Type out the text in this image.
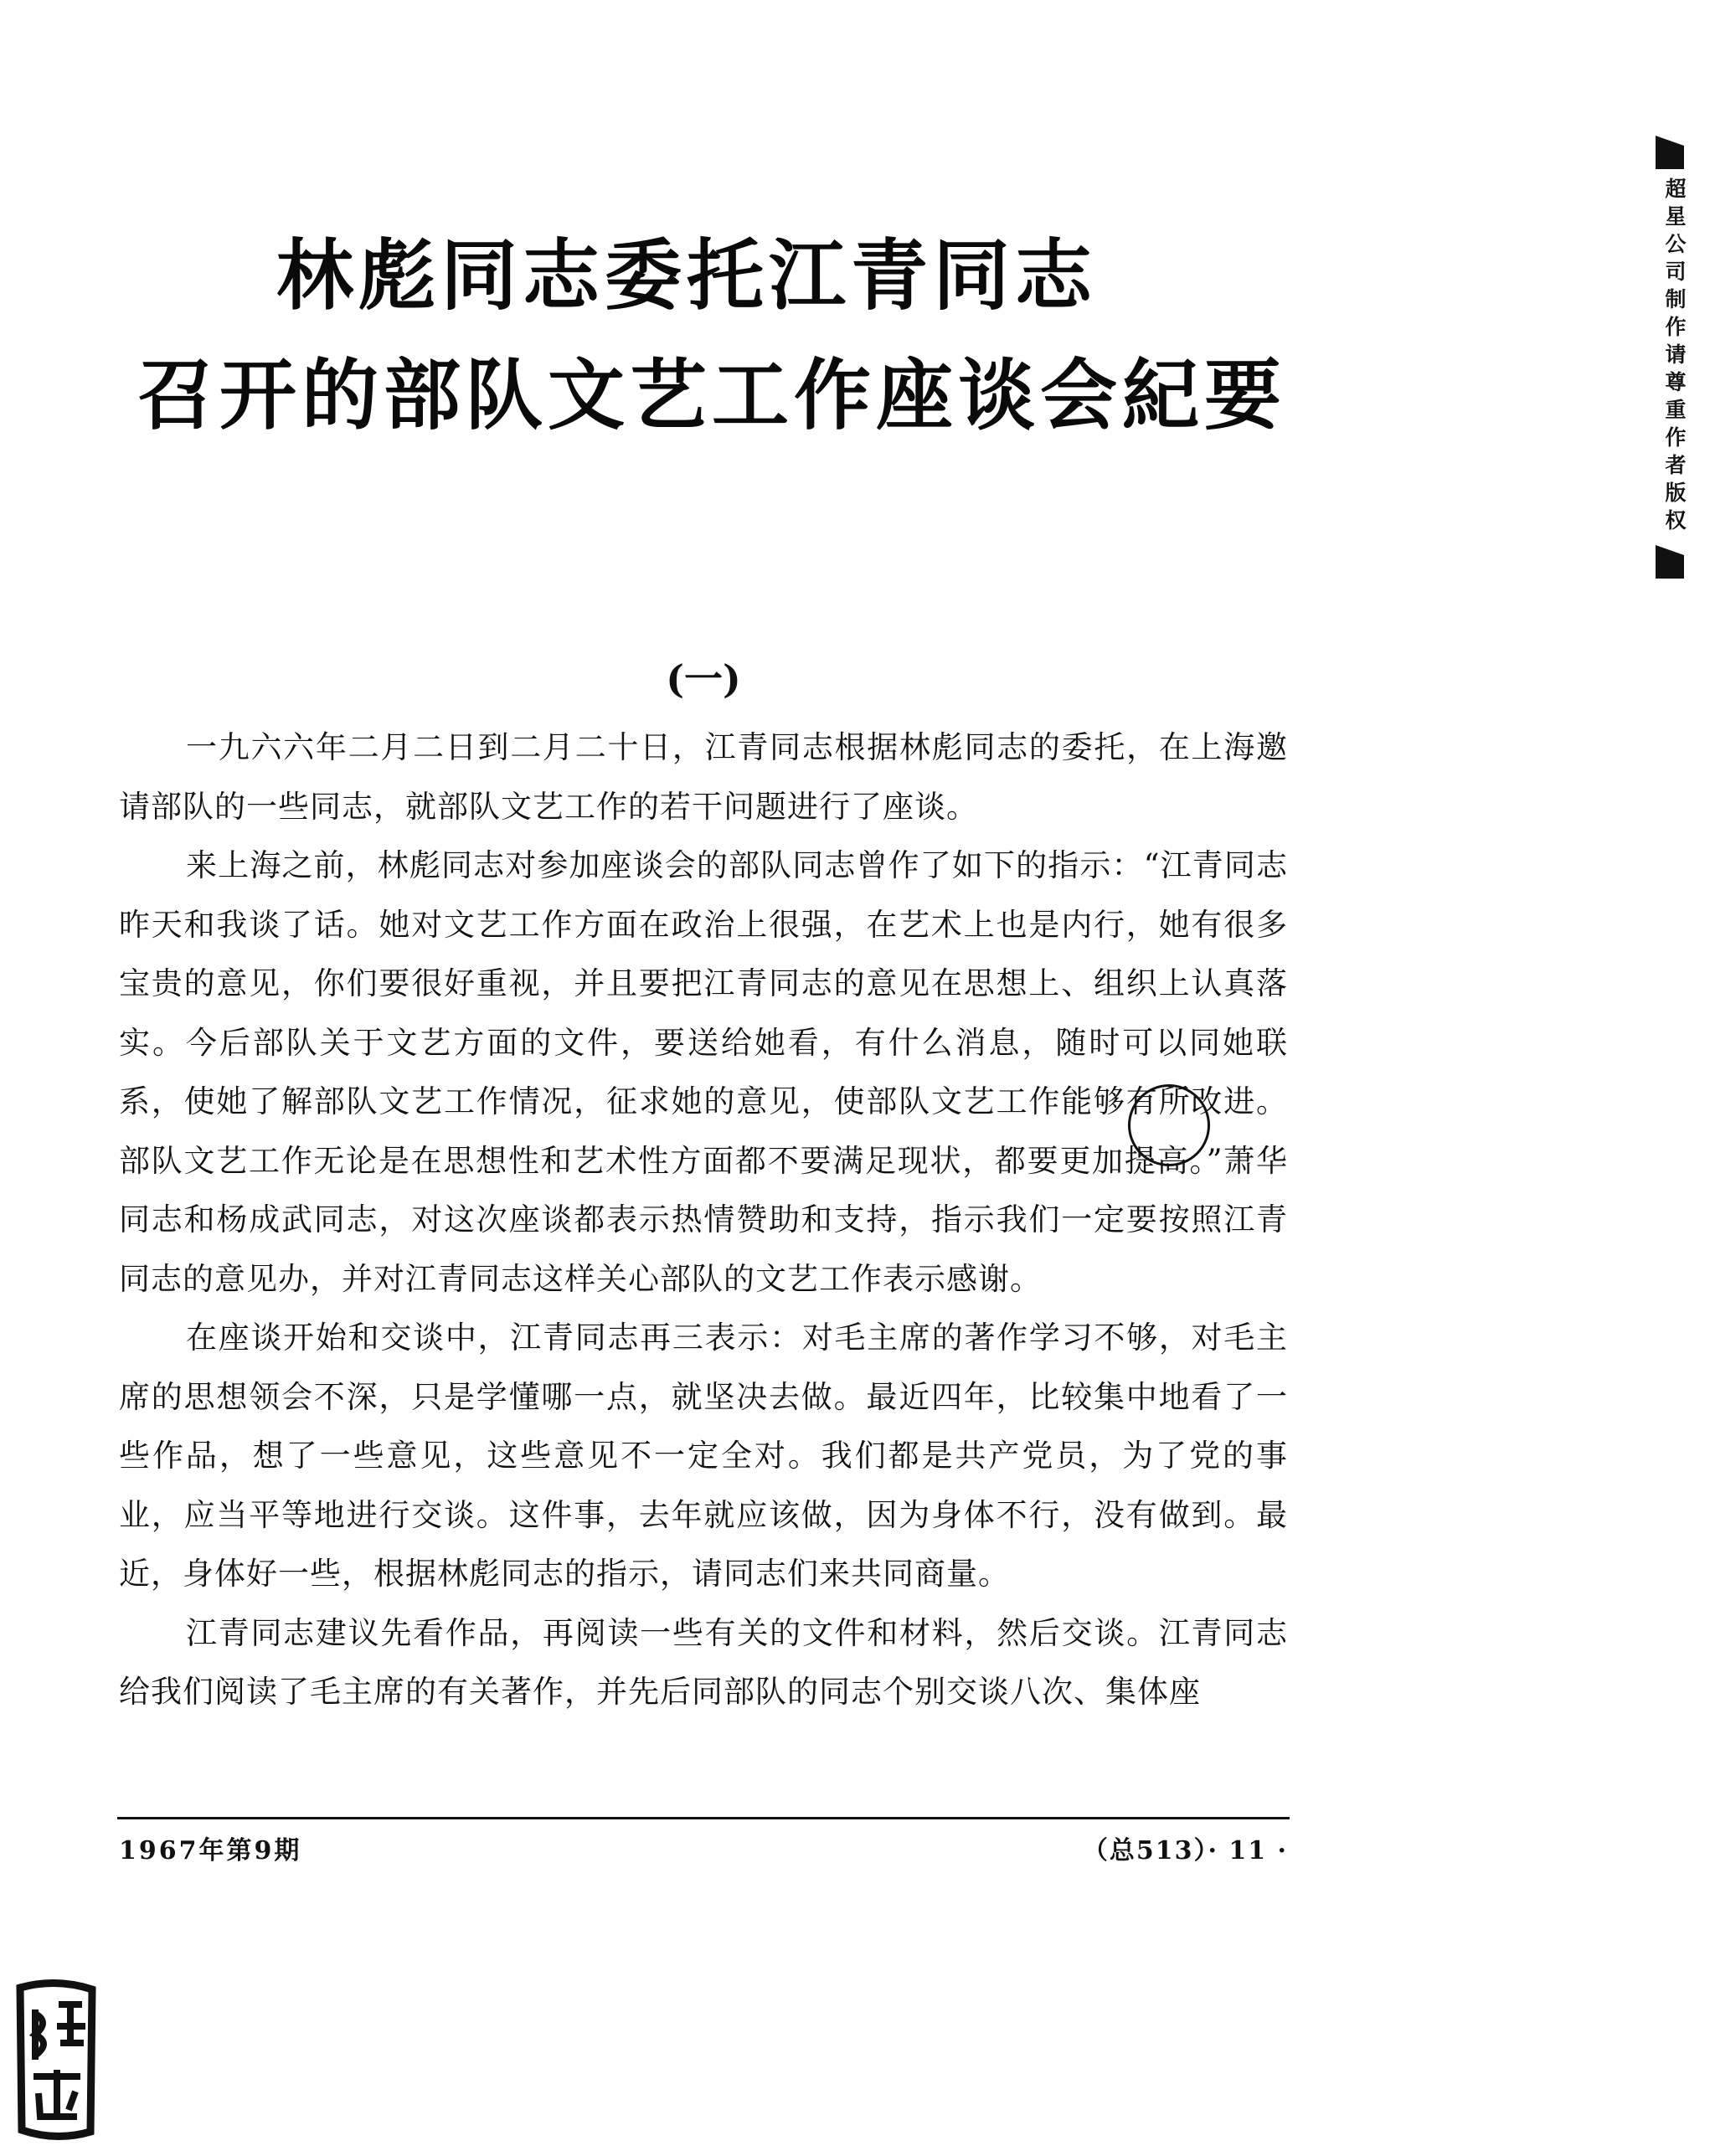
林彪同志委托江青同志
召开的部队文艺工作座谈会紀要
(一)

一九六六年二月二日到二月二十日，江青同志根据林彪同志的委托，在上海邀请部队的一些同志，就部队文艺工作的若干问题进行了座谈。

来上海之前，林彪同志对参加座谈会的部队同志曾作了如下的指示：“江青同志昨天和我谈了话。她对文艺工作方面在政治上很强，在艺术上也是内行，她有很多宝贵的意见，你们要很好重视，并且要把江青同志的意见在思想上、组织上认真落实。今后部队关于文艺方面的文件，要送给她看，有什么消息，随时可以同她联系，使她了解部队文艺工作情况，征求她的意见，使部队文艺工作能够有所改进。部队文艺工作无论是在思想性和艺术性方面都不要满足现状，都要更加提高。”萧华同志和杨成武同志，对这次座谈都表示热情赞助和支持，指示我们一定要按照江青同志的意见办，并对江青同志这样关心部队的文艺工作表示感谢。

在座谈开始和交谈中，江青同志再三表示：对毛主席的著作学习不够，对毛主席的思想领会不深，只是学懂哪一点，就坚决去做。最近四年，比较集中地看了一些作品，想了一些意见，这些意见不一定全对。我们都是共产党员，为了党的事业，应当平等地进行交谈。这件事，去年就应该做，因为身体不行，没有做到。最近，身体好一些，根据林彪同志的指示，请同志们来共同商量。

江青同志建议先看作品，再阅读一些有关的文件和材料，然后交谈。江青同志给我们阅读了毛主席的有关著作，并先后同部队的同志个别交谈八次、集体座

1967年第9期	（总513）· 11 ·
超星公司制作请尊重作者版权
